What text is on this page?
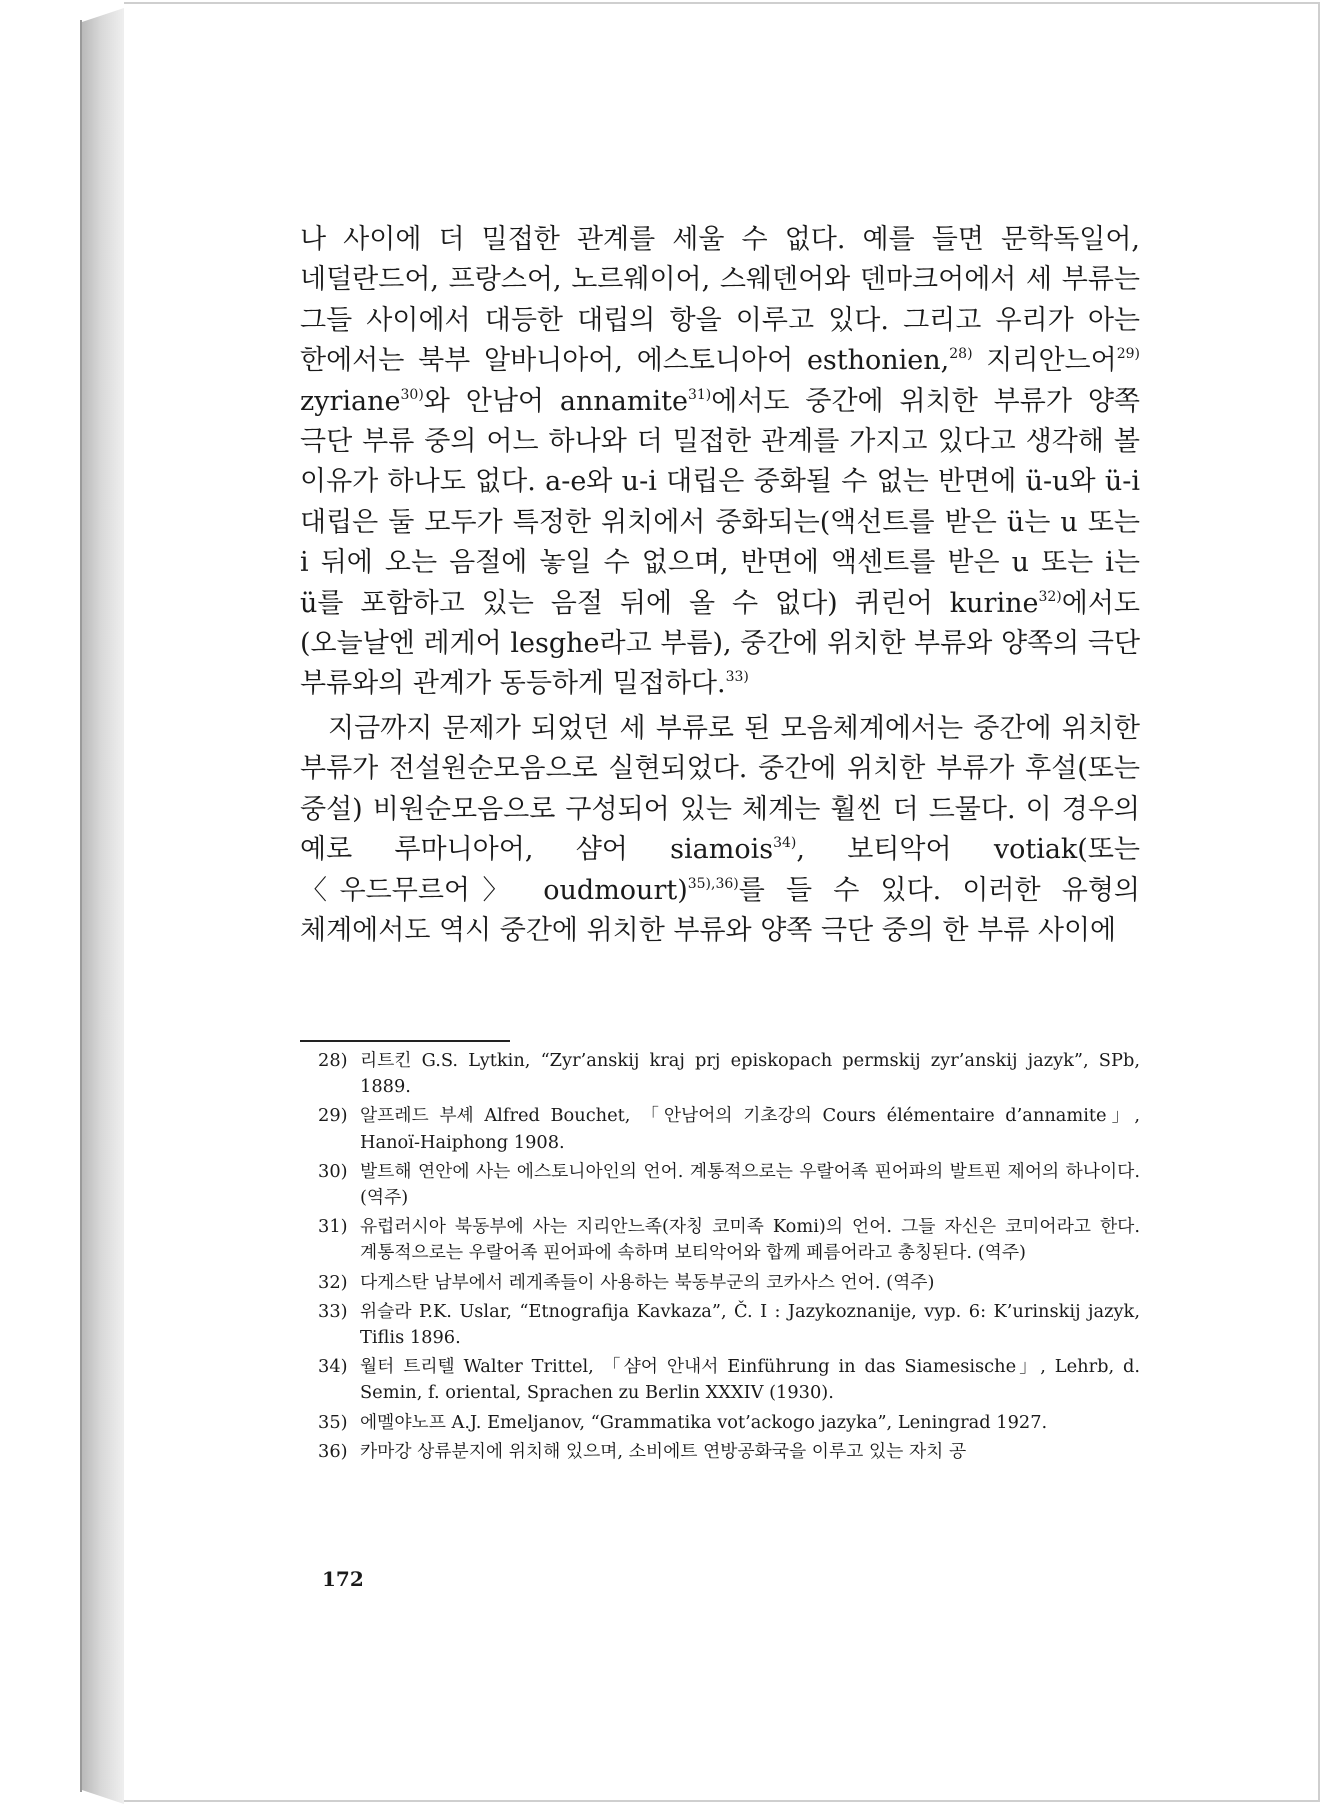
나 사이에 더 밀접한 관계를 세울 수 없다. 예를 들면 문학독일어, 네덜란드어, 프랑스어, 노르웨이어, 스웨덴어와 덴마크어에서 세 부류는 그들 사이에서 대등한 대립의 항을 이루고 있다. 그리고 우리가 아는 한에서는 북부 알바니아어, 에스토니아어 esthonien,$^{28)}$ 지리안느어$^{29)}$ zyriane$^{30)}$와 안남어 annamite$^{31)}$에서도 중간에 위치한 부류가 양쪽 극단 부류 중의 어느 하나와 더 밀접한 관계를 가지고 있다고 생각해 볼 이유가 하나도 없다. a-e와 u-i 대립은 중화될 수 없는 반면에 ü-u와 ü-i 대립은 둘 모두가 특정한 위치에서 중화되는(액선트를 받은 ü는 u 또는 i 뒤에 오는 음절에 놓일 수 없으며, 반면에 액센트를 받은 u 또는 i는 ü를 포함하고 있는 음절 뒤에 올 수 없다) 퀴린어 kurine$^{32)}$에서도 (오늘날엔 레게어 lesghe라고 부름), 중간에 위치한 부류와 양쪽의 극단 부류와의 관계가 동등하게 밀접하다.$^{33)}$

지금까지 문제가 되었던 세 부류로 된 모음체계에서는 중간에 위치한 부류가 전설원순모음으로 실현되었다. 중간에 위치한 부류가 후설(또는 중설) 비원순모음으로 구성되어 있는 체계는 훨씬 더 드물다. 이 경우의 예로 루마니아어, 샴어 siamois$^{34)}$, 보티악어 votiak(또는 〈우드무르어〉 oudmourt)$^{35),36)}$를 들 수 있다. 이러한 유형의 체계에서도 역시 중간에 위치한 부류와 양쪽 극단 중의 한 부류 사이에

28) 리트킨 G.S. Lytkin, “Zyr’anskij kraj prj episkopach permskij zyr’anskij jazyk”, SPb, 1889.
29) 알프레드 부셰 Alfred Bouchet, 「안남어의 기초강의 Cours élémentaire d’annamite」, Hanoï-Haiphong 1908.
30) 발트해 연안에 사는 에스토니아인의 언어. 계통적으로는 우랄어족 핀어파의 발트핀 제어의 하나이다. (역주)
31) 유럽러시아 북동부에 사는 지리안느족(자칭 코미족 Komi)의 언어. 그들 자신은 코미어라고 한다. 계통적으로는 우랄어족 핀어파에 속하며 보티악어와 합께 페름어라고 총칭된다. (역주)
32) 다게스탄 남부에서 레게족들이 사용하는 북동부군의 코카사스 언어. (역주)
33) 위슬라 P.K. Uslar, “Etnografija Kavkaza”, Č. I : Jazykoznanije, vyp. 6: K’urinskij jazyk, Tiflis 1896.
34) 월터 트리텔 Walter Trittel, 「샴어 안내서 Einführung in das Siamesische」, Lehrb, d. Semin, f. oriental, Sprachen zu Berlin XXXIV (1930).
35) 에멜야노프 A.J. Emeljanov, “Grammatika vot’ackogo jazyka”, Leningrad 1927.
36) 카마강 상류분지에 위치해 있으며, 소비에트 연방공화국을 이루고 있는 자치 공
172
